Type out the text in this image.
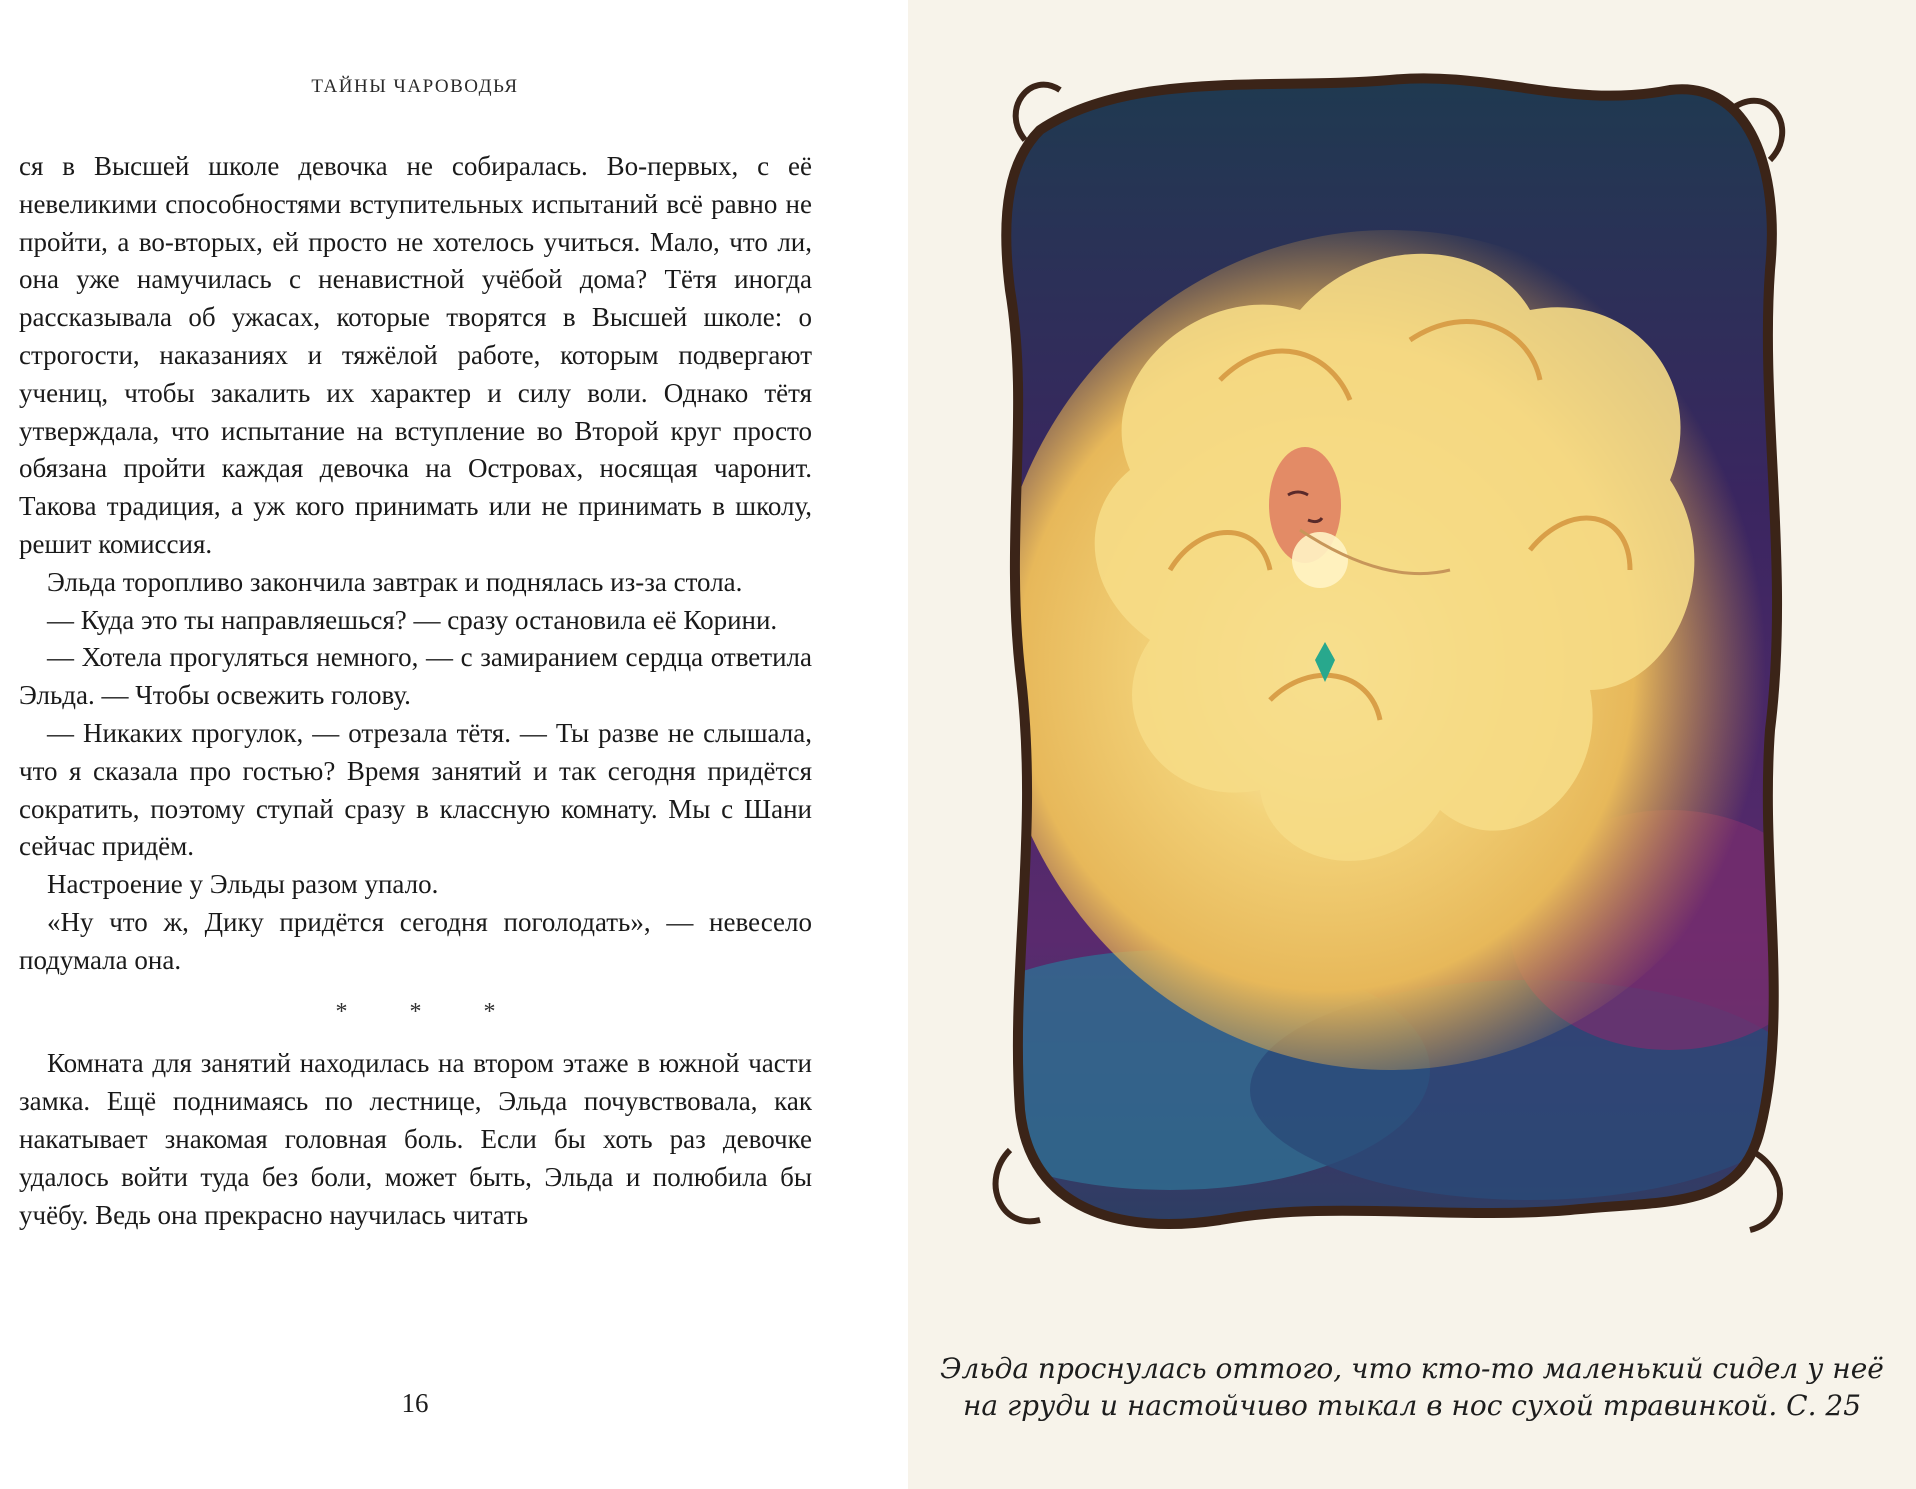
ТАЙНЫ ЧАРОВОДЬЯ

ся в Высшей школе девочка не собиралась. Во-первых, с её невеликими способностями вступительных испытаний всё равно не пройти, а во-вторых, ей просто не хотелось учиться. Мало, что ли, она уже намучилась с ненавистной учёбой дома? Тётя иногда рассказывала об ужасах, которые творятся в Высшей школе: о строгости, наказаниях и тяжёлой работе, которым подвергают учениц, чтобы закалить их характер и силу воли. Однако тётя утверждала, что испытание на вступление во Второй круг просто обязана пройти каждая девочка на Островах, носящая чаронит. Такова традиция, а уж кого принимать или не принимать в школу, решит комиссия.

Эльда торопливо закончила завтрак и поднялась из-за стола.

— Куда это ты направляешься? — сразу остановила её Корини.

— Хотела прогуляться немного, — с замиранием сердца ответила Эльда. — Чтобы освежить голову.

— Никаких прогулок, — отрезала тётя. — Ты разве не слышала, что я сказала про гостью? Время занятий и так сегодня придётся сократить, поэтому ступай сразу в классную комнату. Мы с Шани сейчас придём.

Настроение у Эльды разом упало.

«Ну что ж, Дику придётся сегодня поголодать», — невесело подумала она.

* * *

Комната для занятий находилась на втором этаже в южной части замка. Ещё поднимаясь по лестнице, Эльда почувствовала, как накатывает знакомая головная боль. Если бы хоть раз девочке удалось войти туда без боли, может быть, Эльда и полюбила бы учёбу. Ведь она прекрасно научилась читать

16
Эльда проснулась оттого, что кто-то маленький сидел у неё
на груди и настойчиво тыкал в нос сухой травинкой. С. 25
